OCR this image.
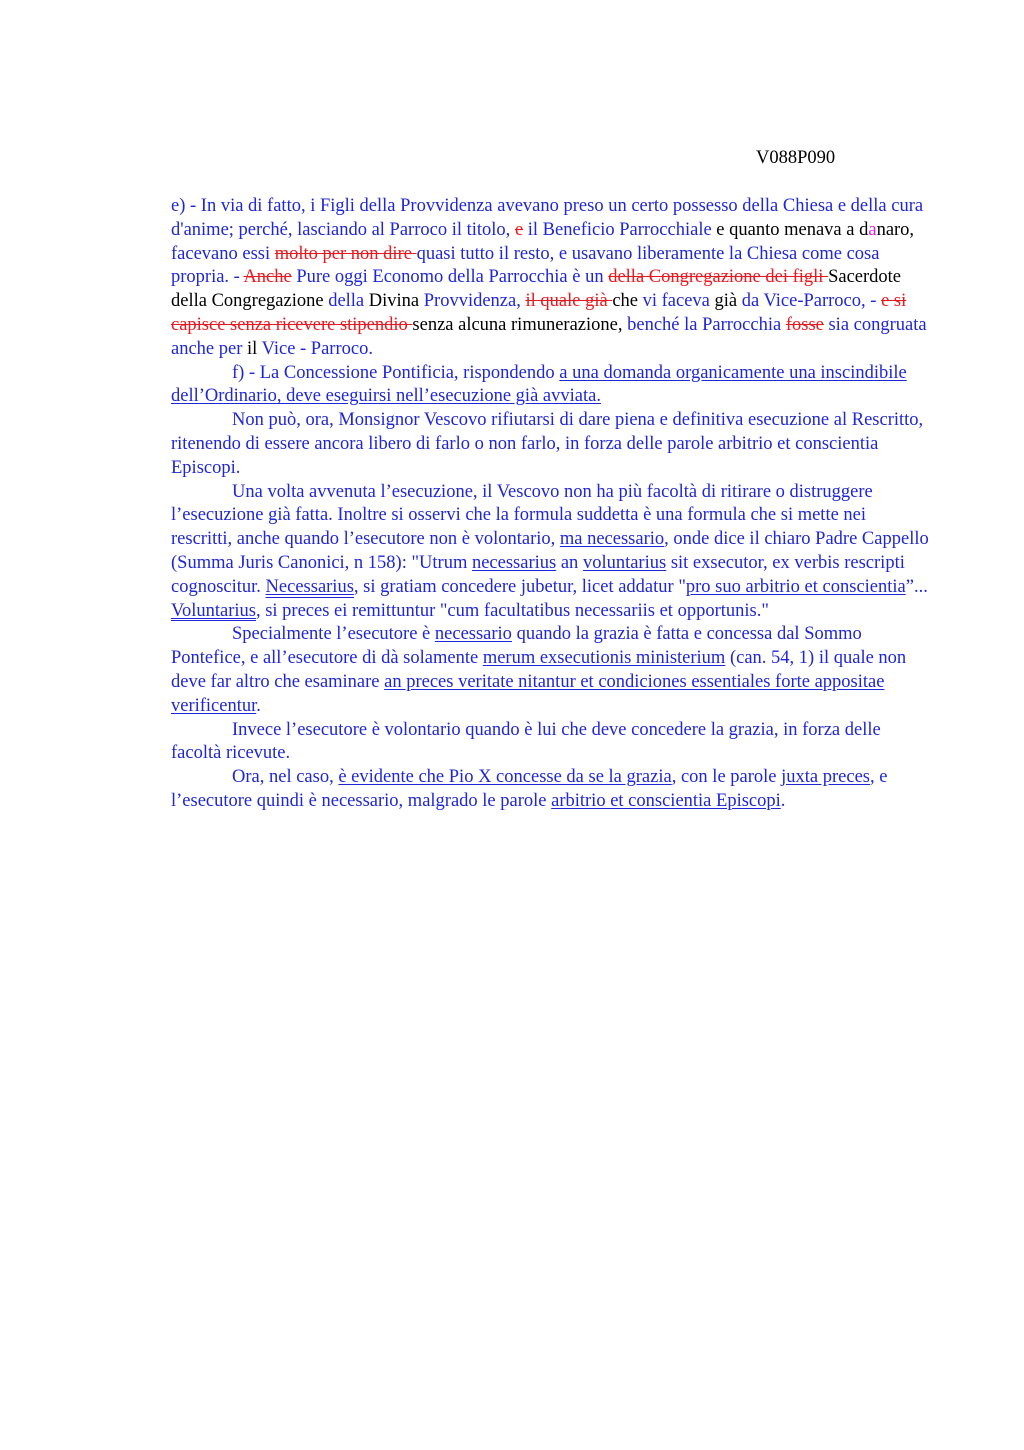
V088P090

e) - In via di fatto, i Figli della Provvidenza avevano preso un certo possesso della Chiesa e della cura d'anime; perché, lasciando al Parroco il titolo, e il Beneficio Parrocchiale e quanto menava a danaro, facevano essi molto per non dire quasi tutto il resto, e usavano liberamente la Chiesa come cosa propria. - Anche Pure oggi Economo della Parrocchia è un della Congregazione dei figli Sacerdote della Congregazione della Divina Provvidenza, il quale già che vi faceva già da Vice-Parroco, - e si capisce senza ricevere stipendio senza alcuna rimunerazione, benché la Parrocchia fosse sia congruata anche per il Vice - Parroco.

f) - La Concessione Pontificia, rispondendo a una domanda organicamente una inscindibile dell’Ordinario, deve eseguirsi nell’esecuzione già avviata.

Non può, ora, Monsignor Vescovo rifiutarsi di dare piena e definitiva esecuzione al Rescritto, ritenendo di essere ancora libero di farlo o non farlo, in forza delle parole arbitrio et conscientia Episcopi.

Una volta avvenuta l’esecuzione, il Vescovo non ha più facoltà di ritirare o distruggere l’esecuzione già fatta. Inoltre si osservi che la formula suddetta è una formula che si mette nei rescritti, anche quando l’esecutore non è volontario, ma necessario, onde dice il chiaro Padre Cappello (Summa Juris Canonici, n 158): "Utrum necessarius an voluntarius sit exsecutor, ex verbis rescripti cognoscitur. Necessarius, si gratiam concedere jubetur, licet addatur "pro suo arbitrio et conscientia”... Voluntarius, si preces ei remittuntur "cum facultatibus necessariis et opportunis."

Specialmente l’esecutore è necessario quando la grazia è fatta e concessa dal Sommo Pontefice, e all’esecutore di dà solamente merum exsecutionis ministerium (can. 54, 1) il quale non deve far altro che esaminare an preces veritate nitantur et condiciones essentiales forte appositae verificentur.

Invece l’esecutore è volontario quando è lui che deve concedere la grazia, in forza delle facoltà ricevute.

Ora, nel caso, è evidente che Pio X concesse da se la grazia, con le parole juxta preces, e l’esecutore quindi è necessario, malgrado le parole arbitrio et conscientia Episcopi.
